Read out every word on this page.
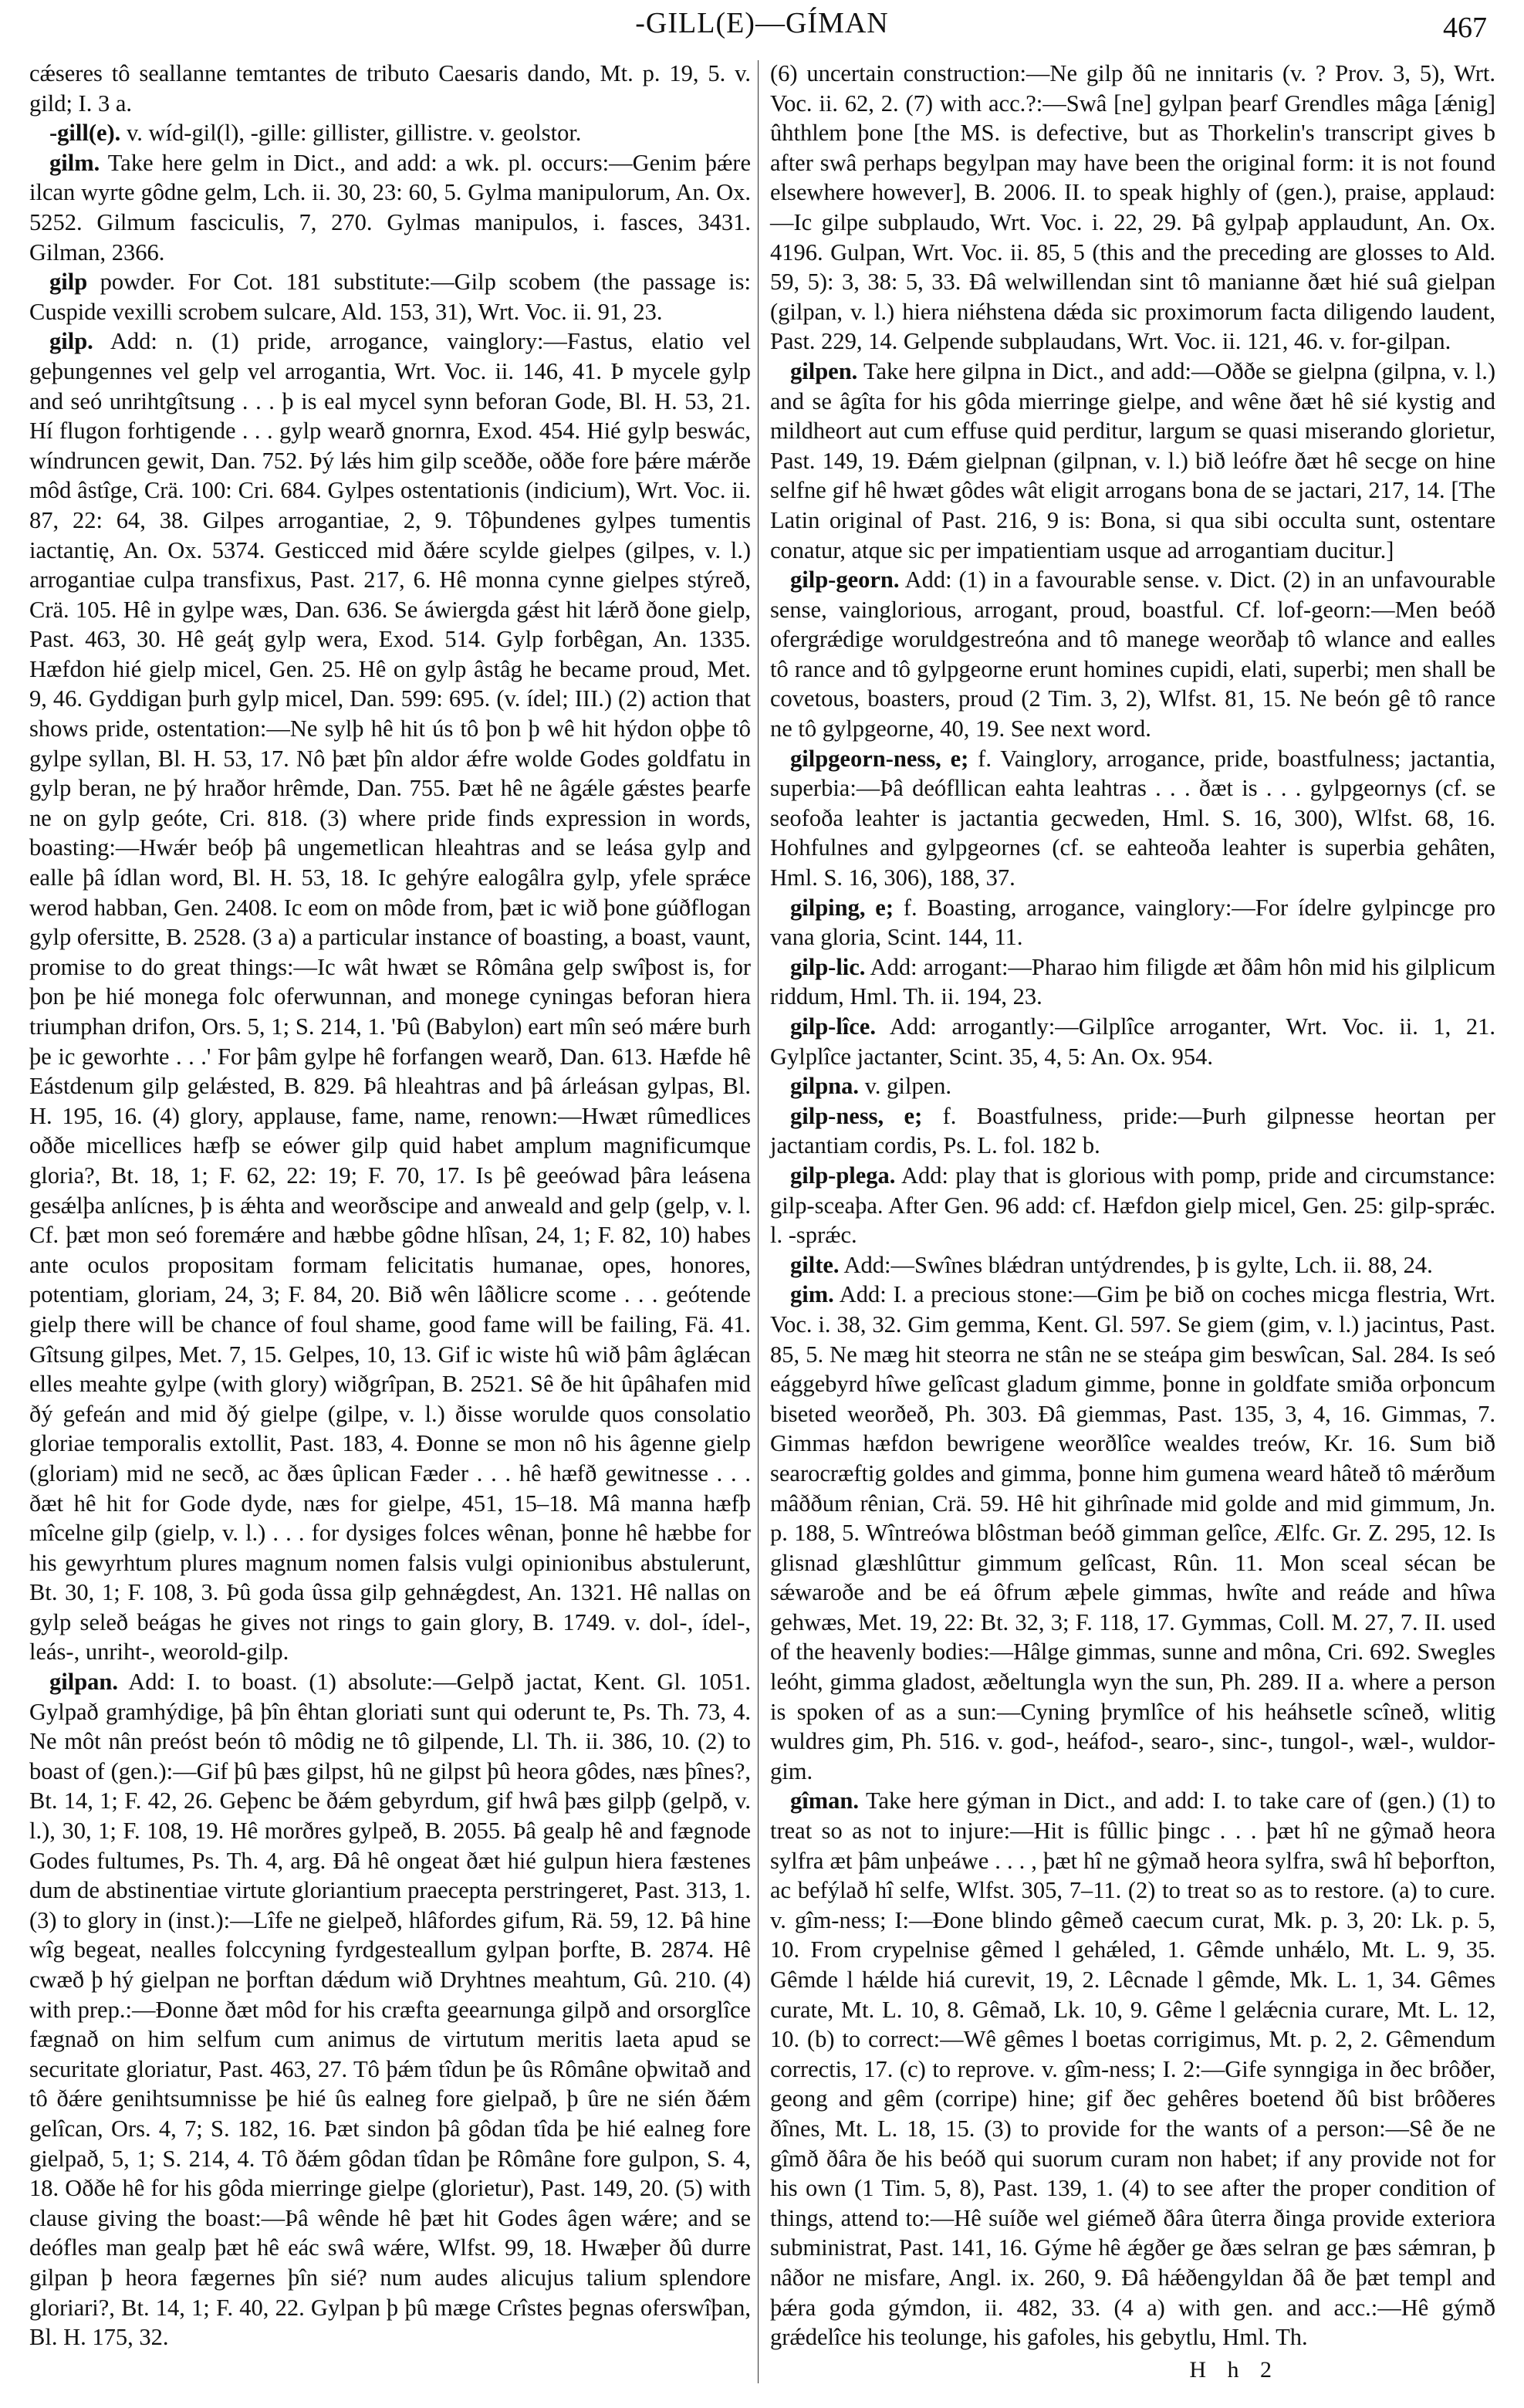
-GILL(E)—GÍMAN	467

cǽseres tô seallanne temtantes de tributo Caesaris dando, Mt. p. 19, 5. v. gild; I. 3 a.

-gill(e). v. wíd-gil(l), -gille: gillister, gillistre. v. geolstor.

gilm. Take here gelm in Dict., and add: a wk. pl. occurs:—Genim þǽre ilcan wyrte gôdne gelm, Lch. ii. 30, 23: 60, 5. Gylma manipulorum, An. Ox. 5252. Gilmum fasciculis, 7, 270. Gylmas manipulos, i. fasces, 3431. Gilman, 2366.

gilp powder. For Cot. 181 substitute:—Gilp scobem (the passage is: Cuspide vexilli scrobem sulcare, Ald. 153, 31), Wrt. Voc. ii. 91, 23.

gilp. Add: n. (1) pride, arrogance, vainglory:—Fastus, elatio vel geþungennes vel gelp vel arrogantia, Wrt. Voc. ii. 146, 41. Þ mycele gylp and seó unrihtgîtsung . . . þ is eal mycel synn beforan Gode, Bl. H. 53, 21. Hí flugon forhtigende . . . gylp wearð gnornra, Exod. 454. Hié gylp beswác, wíndruncen gewit, Dan. 752. Þý lǽs him gilp sceððe, oððe fore þǽre mǽrðe môd âstîge, Crä. 100: Cri. 684. Gylpes ostentationis (indicium), Wrt. Voc. ii. 87, 22: 64, 38. Gilpes arrogantiae, 2, 9. Tôþundenes gylpes tumentis iactantię, An. Ox. 5374. Gesticced mid ðǽre scylde gielpes (gilpes, v. l.) arrogantiae culpa transfixus, Past. 217, 6. Hê monna cynne gielpes stýreð, Crä. 105. Hê in gylpe wæs, Dan. 636. Se áwiergda gǽst hit lǽrð ðone gielp, Past. 463, 30. Hê geáţ gylp wera, Exod. 514. Gylp forbêgan, An. 1335. Hæfdon hié gielp micel, Gen. 25. Hê on gylp âstâg he became proud, Met. 9, 46. Gyddigan þurh gylp micel, Dan. 599: 695. (v. ídel; III.) (2) action that shows pride, ostentation:—Ne sylþ hê hit ús tô þon þ wê hit hýdon oþþe tô gylpe syllan, Bl. H. 53, 17. Nô þæt þîn aldor ǽfre wolde Godes goldfatu in gylp beran, ne þý hraðor hrêmde, Dan. 755. Þæt hê ne âgǽle gǽstes þearfe ne on gylp geóte, Cri. 818. (3) where pride finds expression in words, boasting:—Hwǽr beóþ þâ ungemetlican hleahtras and se leása gylp and ealle þâ ídlan word, Bl. H. 53, 18. Ic gehýre ealogâlra gylp, yfele sprǽce werod habban, Gen. 2408. Ic eom on môde from, þæt ic wið þone gúðflogan gylp ofersitte, B. 2528. (3 a) a particular instance of boasting, a boast, vaunt, promise to do great things:—Ic wât hwæt se Rômâna gelp swîþost is, for þon þe hié monega folc oferwunnan, and monege cyningas beforan hiera triumphan drifon, Ors. 5, 1; S. 214, 1. 'Þû (Babylon) eart mîn seó mǽre burh þe ic geworhte . . .' For þâm gylpe hê forfangen wearð, Dan. 613. Hæfde hê Eástdenum gilp gelǽsted, B. 829. Þâ hleahtras and þâ árleásan gylpas, Bl. H. 195, 16. (4) glory, applause, fame, name, renown:—Hwæt rûmedlices oððe micellices hæfþ se eówer gilp quid habet amplum magnificumque gloria?, Bt. 18, 1; F. 62, 22: 19; F. 70, 17. Is þê geeówad þâra leásena gesǽlþa anlícnes, þ is ǽhta and weorðscipe and anweald and gelp (gelp, v. l. Cf. þæt mon seó foremǽre and hæbbe gôdne hlîsan, 24, 1; F. 82, 10) habes ante oculos propositam formam felicitatis humanae, opes, honores, potentiam, gloriam, 24, 3; F. 84, 20. Bið wên lâðlicre scome . . . geótende gielp there will be chance of foul shame, good fame will be failing, Fä. 41. Gîtsung gilpes, Met. 7, 15. Gelpes, 10, 13. Gif ic wiste hû wið þâm âglǽcan elles meahte gylpe (with glory) wiðgrîpan, B. 2521. Sê ðe hit ûpâhafen mid ðý gefeán and mid ðý gielpe (gilpe, v. l.) ðisse worulde quos consolatio gloriae temporalis extollit, Past. 183, 4. Ðonne se mon nô his âgenne gielp (gloriam) mid ne secð, ac ðæs ûplican Fæder . . . hê hæfð gewitnesse . . . ðæt hê hit for Gode dyde, næs for gielpe, 451, 15–18. Mâ manna hæfþ mîcelne gilp (gielp, v. l.) . . . for dysiges folces wênan, þonne hê hæbbe for his gewyrhtum plures magnum nomen falsis vulgi opinionibus abstulerunt, Bt. 30, 1; F. 108, 3. Þû goda ûssa gilp gehnǽgdest, An. 1321. Hê nallas on gylp seleð beágas he gives not rings to gain glory, B. 1749. v. dol-, ídel-, leás-, unriht-, weorold-gilp.

gilpan. Add: I. to boast. (1) absolute:—Gelpð jactat, Kent. Gl. 1051. Gylpað gramhýdige, þâ þîn êhtan gloriati sunt qui oderunt te, Ps. Th. 73, 4. Ne môt nân preóst beón tô môdig ne tô gilpende, Ll. Th. ii. 386, 10. (2) to boast of (gen.):—Gif þû þæs gilpst, hû ne gilpst þû heora gôdes, næs þînes?, Bt. 14, 1; F. 42, 26. Geþenc be ðǽm gebyrdum, gif hwâ þæs gilpþ (gelpð, v. l.), 30, 1; F. 108, 19. Hê morðres gylpeð, B. 2055. Þâ gealp hê and fægnode Godes fultumes, Ps. Th. 4, arg. Ðâ hê ongeat ðæt hié gulpun hiera fæstenes dum de abstinentiae virtute gloriantium praecepta perstringeret, Past. 313, 1. (3) to glory in (inst.):—Lîfe ne gielpeð, hlâfordes gifum, Rä. 59, 12. Þâ hine wîg begeat, nealles folccyning fyrdgesteallum gylpan þorfte, B. 2874. Hê cwæð þ hý gielpan ne þorftan dǽdum wið Dryhtnes meahtum, Gû. 210. (4) with prep.:—Ðonne ðæt môd for his cræfta geearnunga gilpð and orsorglîce fægnað on him selfum cum animus de virtutum meritis laeta apud se securitate gloriatur, Past. 463, 27. Tô þǽm tîdun þe ûs Rômâne oþwitað and tô ðǽre genihtsumnisse þe hié ûs ealneg fore gielpað, þ ûre ne sién ðǽm gelîcan, Ors. 4, 7; S. 182, 16. Þæt sindon þâ gôdan tîda þe hié ealneg fore gielpað, 5, 1; S. 214, 4. Tô ðǽm gôdan tîdan þe Rômâne fore gulpon, S. 4, 18. Oððe hê for his gôda mierringe gielpe (glorietur), Past. 149, 20. (5) with clause giving the boast:—Þâ wênde hê þæt hit Godes âgen wǽre; and se deófles man gealp þæt hê eác swâ wǽre, Wlfst. 99, 18. Hwæþer ðû durre gilpan þ heora fægernes þîn sié? num audes alicujus talium splendore gloriari?, Bt. 14, 1; F. 40, 22. Gylpan þ þû mæge Crîstes þegnas oferswîþan, Bl. H. 175, 32.

(6) uncertain construction:—Ne gilp ðû ne innitaris (v. ? Prov. 3, 5), Wrt. Voc. ii. 62, 2. (7) with acc.?:—Swâ [ne] gylpan þearf Grendles mâga [ǽnig] ûhthlem þone [the MS. is defective, but as Thorkelin's transcript gives b after swâ perhaps begylpan may have been the original form: it is not found elsewhere however], B. 2006. II. to speak highly of (gen.), praise, applaud:—Ic gilpe subplaudo, Wrt. Voc. i. 22, 29. Þâ gylpaþ applaudunt, An. Ox. 4196. Gulpan, Wrt. Voc. ii. 85, 5 (this and the preceding are glosses to Ald. 59, 5): 3, 38: 5, 33. Ðâ welwillendan sint tô manianne ðæt hié suâ gielpan (gilpan, v. l.) hiera niéhstena dǽda sic proximorum facta diligendo laudent, Past. 229, 14. Gelpende subplaudans, Wrt. Voc. ii. 121, 46. v. for-gilpan.

gilpen. Take here gilpna in Dict., and add:—Oððe se gielpna (gilpna, v. l.) and se âgîta for his gôda mierringe gielpe, and wêne ðæt hê sié kystig and mildheort aut cum effuse quid perditur, largum se quasi miserando glorietur, Past. 149, 19. Ðǽm gielpnan (gilpnan, v. l.) bið leófre ðæt hê secge on hine selfne gif hê hwæt gôdes wât eligit arrogans bona de se jactari, 217, 14. [The Latin original of Past. 216, 9 is: Bona, si qua sibi occulta sunt, ostentare conatur, atque sic per impatientiam usque ad arrogantiam ducitur.]

gilp-georn. Add: (1) in a favourable sense. v. Dict. (2) in an unfavourable sense, vainglorious, arrogant, proud, boastful. Cf. lof-georn:—Men beóð ofergrǽdige woruldgestreóna and tô manege weorðaþ tô wlance and ealles tô rance and tô gylpgeorne erunt homines cupidi, elati, superbi; men shall be covetous, boasters, proud (2 Tim. 3, 2), Wlfst. 81, 15. Ne beón gê tô rance ne tô gylpgeorne, 40, 19. See next word.

gilpgeorn-ness, e; f. Vainglory, arrogance, pride, boastfulness; jactantia, superbia:—Þâ deófllican eahta leahtras . . . ðæt is . . . gylpgeornys (cf. se seofoða leahter is jactantia gecweden, Hml. S. 16, 300), Wlfst. 68, 16. Hohfulnes and gylpgeornes (cf. se eahteoða leahter is superbia gehâten, Hml. S. 16, 306), 188, 37.

gilping, e; f. Boasting, arrogance, vainglory:—For ídelre gylpincge pro vana gloria, Scint. 144, 11.

gilp-lic. Add: arrogant:—Pharao him filigde æt ðâm hôn mid his gilplicum riddum, Hml. Th. ii. 194, 23.

gilp-lîce. Add: arrogantly:—Gilplîce arroganter, Wrt. Voc. ii. 1, 21. Gylplîce jactanter, Scint. 35, 4, 5: An. Ox. 954.

gilpna. v. gilpen.

gilp-ness, e; f. Boastfulness, pride:—Þurh gilpnesse heortan per jactantiam cordis, Ps. L. fol. 182 b.

gilp-plega. Add: play that is glorious with pomp, pride and circumstance: gilp-sceaþa. After Gen. 96 add: cf. Hæfdon gielp micel, Gen. 25: gilp-sprǽc. l. -sprǽc.

gilte. Add:—Swînes blǽdran untýdrendes, þ is gylte, Lch. ii. 88, 24.

gim. Add: I. a precious stone:—Gim þe bið on coches micga flestria, Wrt. Voc. i. 38, 32. Gim gemma, Kent. Gl. 597. Se giem (gim, v. l.) jacintus, Past. 85, 5. Ne mæg hit steorra ne stân ne se steápa gim beswîcan, Sal. 284. Is seó eággebyrd hîwe gelîcast gladum gimme, þonne in goldfate smiða orþoncum biseted weorðeð, Ph. 303. Ðâ giemmas, Past. 135, 3, 4, 16. Gimmas, 7. Gimmas hæfdon bewrigene weorðlîce wealdes treów, Kr. 16. Sum bið searocræftig goldes and gimma, þonne him gumena weard hâteð tô mǽrðum mâððum rênian, Crä. 59. Hê hit gihrînade mid golde and mid gimmum, Jn. p. 188, 5. Wîntreówa blôstman beóð gimman gelîce, Ælfc. Gr. Z. 295, 12. Is glisnad glæshlûttur gimmum gelîcast, Rûn. 11. Mon sceal sécan be sǽwaroðe and be eá ôfrum æþele gimmas, hwîte and reáde and hîwa gehwæs, Met. 19, 22: Bt. 32, 3; F. 118, 17. Gymmas, Coll. M. 27, 7. II. used of the heavenly bodies:—Hâlge gimmas, sunne and môna, Cri. 692. Swegles leóht, gimma gladost, æðeltungla wyn the sun, Ph. 289. II a. where a person is spoken of as a sun:—Cyning þrymlîce of his heáhsetle scîneð, wlitig wuldres gim, Ph. 516. v. god-, heáfod-, searo-, sinc-, tungol-, wæl-, wuldor-gim.

gîman. Take here gýman in Dict., and add: I. to take care of (gen.) (1) to treat so as not to injure:—Hit is fûllic þingc . . . þæt hî ne gŷmað heora sylfra æt þâm unþeáwe . . . , þæt hî ne gŷmað heora sylfra, swâ hî beþorfton, ac befýlað hî selfe, Wlfst. 305, 7–11. (2) to treat so as to restore. (a) to cure. v. gîm-ness; I:—Ðone blindo gêmeð caecum curat, Mk. p. 3, 20: Lk. p. 5, 10. From crypelnise gêmed l gehǽled, 1. Gêmde unhǽlo, Mt. L. 9, 35. Gêmde l hǽlde hiá curevit, 19, 2. Lêcnade l gêmde, Mk. L. 1, 34. Gêmes curate, Mt. L. 10, 8. Gêmað, Lk. 10, 9. Gême l gelǽcnia curare, Mt. L. 12, 10. (b) to correct:—Wê gêmes l boetas corrigimus, Mt. p. 2, 2. Gêmendum correctis, 17. (c) to reprove. v. gîm-ness; I. 2:—Gife synngiga in ðec brôðer, geong and gêm (corripe) hine; gif ðec gehêres boetend ðû bist brôðeres ðînes, Mt. L. 18, 15. (3) to provide for the wants of a person:—Sê ðe ne gîmð ðâra ðe his beóð qui suorum curam non habet; if any provide not for his own (1 Tim. 5, 8), Past. 139, 1. (4) to see after the proper condition of things, attend to:—Hê suíðe wel giémeð ðâra ûterra ðinga provide exteriora subministrat, Past. 141, 16. Gýme hê ǽgðer ge ðæs selran ge þæs sǽmran, þ nâðor ne misfare, Angl. ix. 260, 9. Ðâ hǽðengyldan ðâ ðe þæt templ and þǽra goda gýmdon, ii. 482, 33. (4 a) with gen. and acc.:—Hê gýmð grǽdelîce his teolunge, his gafoles, his gebytlu, Hml. Th.

H h 2
